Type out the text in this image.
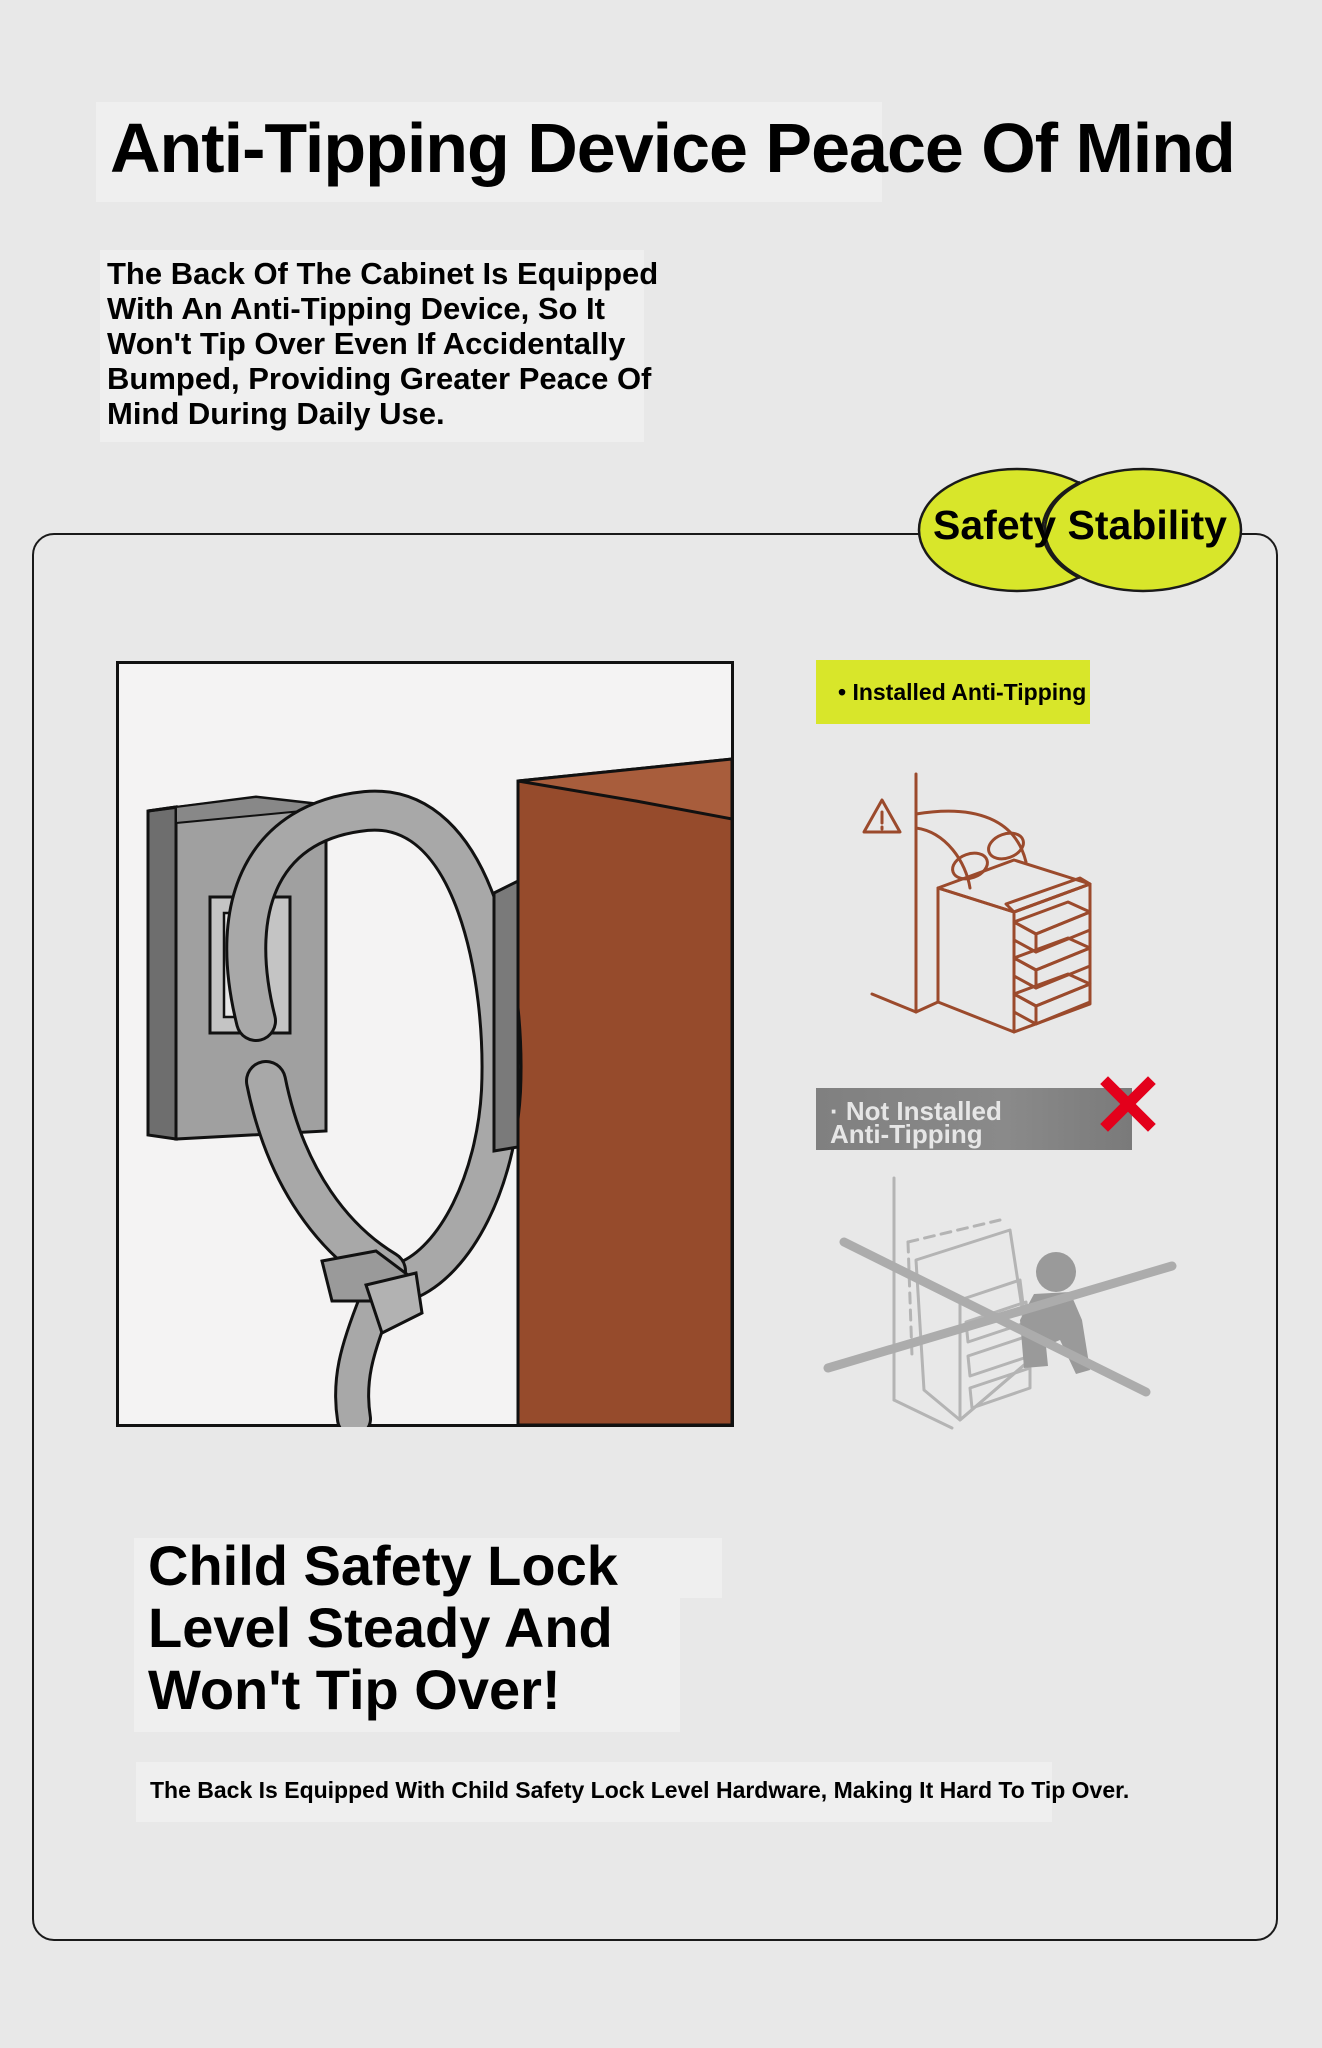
Anti-Tipping Device Peace Of Mind

The Back Of The Cabinet Is Equipped With An Anti-Tipping Device, So It Won't Tip Over Even If Accidentally Bumped, Providing Greater Peace Of Mind During Daily Use.

Safety Stability
• Installed Anti-Tipping
· Not Installed
Anti-Tipping
Child Safety Lock
Level Steady And
Won't Tip Over!

The Back Is Equipped With Child Safety Lock Level Hardware, Making It Hard To Tip Over.
